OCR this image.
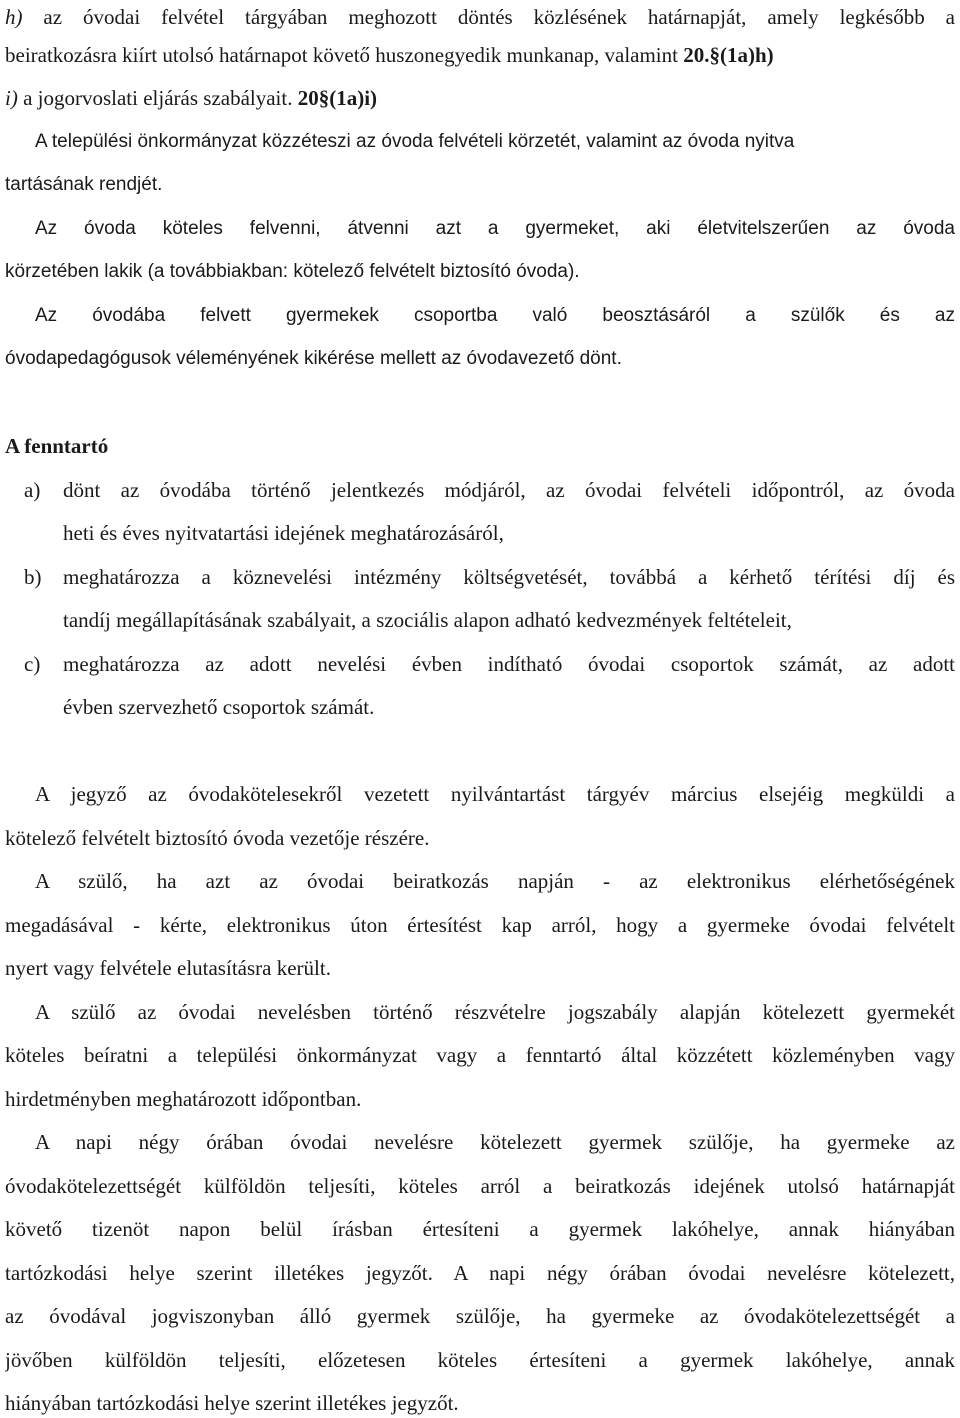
h) az óvodai felvétel tárgyában meghozott döntés közlésének határnapját, amely legkésőbb a
beiratkozásra kiírt utolsó határnapot követő huszonegyedik munkanap, valamint 20.§(1a)h)
i) a jogorvoslati eljárás szabályait. 20§(1a)i)
A települési önkormányzat közzéteszi az óvoda felvételi körzetét, valamint az óvoda nyitva
tartásának rendjét.
Az óvoda köteles felvenni, átvenni azt a gyermeket, aki életvitelszerűen az óvoda
körzetében lakik (a továbbiakban: kötelező felvételt biztosító óvoda).
Az óvodába felvett gyermekek csoportba való beosztásáról a szülők és az
óvodapedagógusok véleményének kikérése mellett az óvodavezető dönt.
A fenntartó
a) dönt az óvodába történő jelentkezés módjáról, az óvodai felvételi időpontról, az óvoda
heti és éves nyitvatartási idejének meghatározásáról,
b) meghatározza a köznevelési intézmény költségvetését, továbbá a kérhető térítési díj és
tandíj megállapításának szabályait, a szociális alapon adható kedvezmények feltételeit,
c) meghatározza az adott nevelési évben indítható óvodai csoportok számát, az adott
évben szervezhető csoportok számát.
A jegyző az óvodakötelesekről vezetett nyilvántartást tárgyév március elsejéig megküldi a
kötelező felvételt biztosító óvoda vezetője részére.
A szülő, ha azt az óvodai beiratkozás napján - az elektronikus elérhetőségének
megadásával - kérte, elektronikus úton értesítést kap arról, hogy a gyermeke óvodai felvételt
nyert vagy felvétele elutasításra került.
A szülő az óvodai nevelésben történő részvételre jogszabály alapján kötelezett gyermekét
köteles beíratni a települési önkormányzat vagy a fenntartó által közzétett közleményben vagy
hirdetményben meghatározott időpontban.
A napi négy órában óvodai nevelésre kötelezett gyermek szülője, ha gyermeke az
óvodakötelezettségét külföldön teljesíti, köteles arról a beiratkozás idejének utolsó határnapját
követő tizenöt napon belül írásban értesíteni a gyermek lakóhelye, annak hiányában
tartózkodási helye szerint illetékes jegyzőt. A napi négy órában óvodai nevelésre kötelezett,
az óvodával jogviszonyban álló gyermek szülője, ha gyermeke az óvodakötelezettségét a
jövőben külföldön teljesíti, előzetesen köteles értesíteni a gyermek lakóhelye, annak
hiányában tartózkodási helye szerint illetékes jegyzőt.
